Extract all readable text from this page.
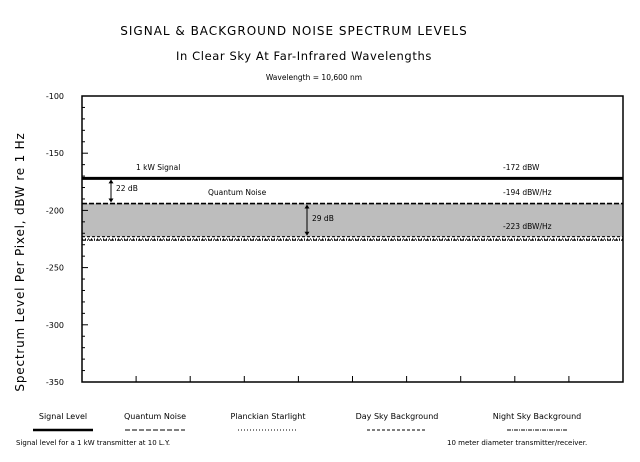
SIGNAL & BACKGROUND NOISE SPECTRUM LEVELS
In Clear Sky At Far-Infrared Wavelengths
Wavelength = 10,600 nm
Spectrum Level Per Pixel, dBW re 1 Hz
-100
-150
-200
-250
-300
-350
1 kW Signal	-172 dBW
Quantum Noise	-194 dBW/Hz
-223 dBW/Hz
22 dB
29 dB
Signal Level	Quantum Noise	Planckian Starlight	Day Sky Background	Night Sky Background
Signal level for a 1 kW transmitter at 10 L.Y.	10 meter diameter transmitter/receiver.
